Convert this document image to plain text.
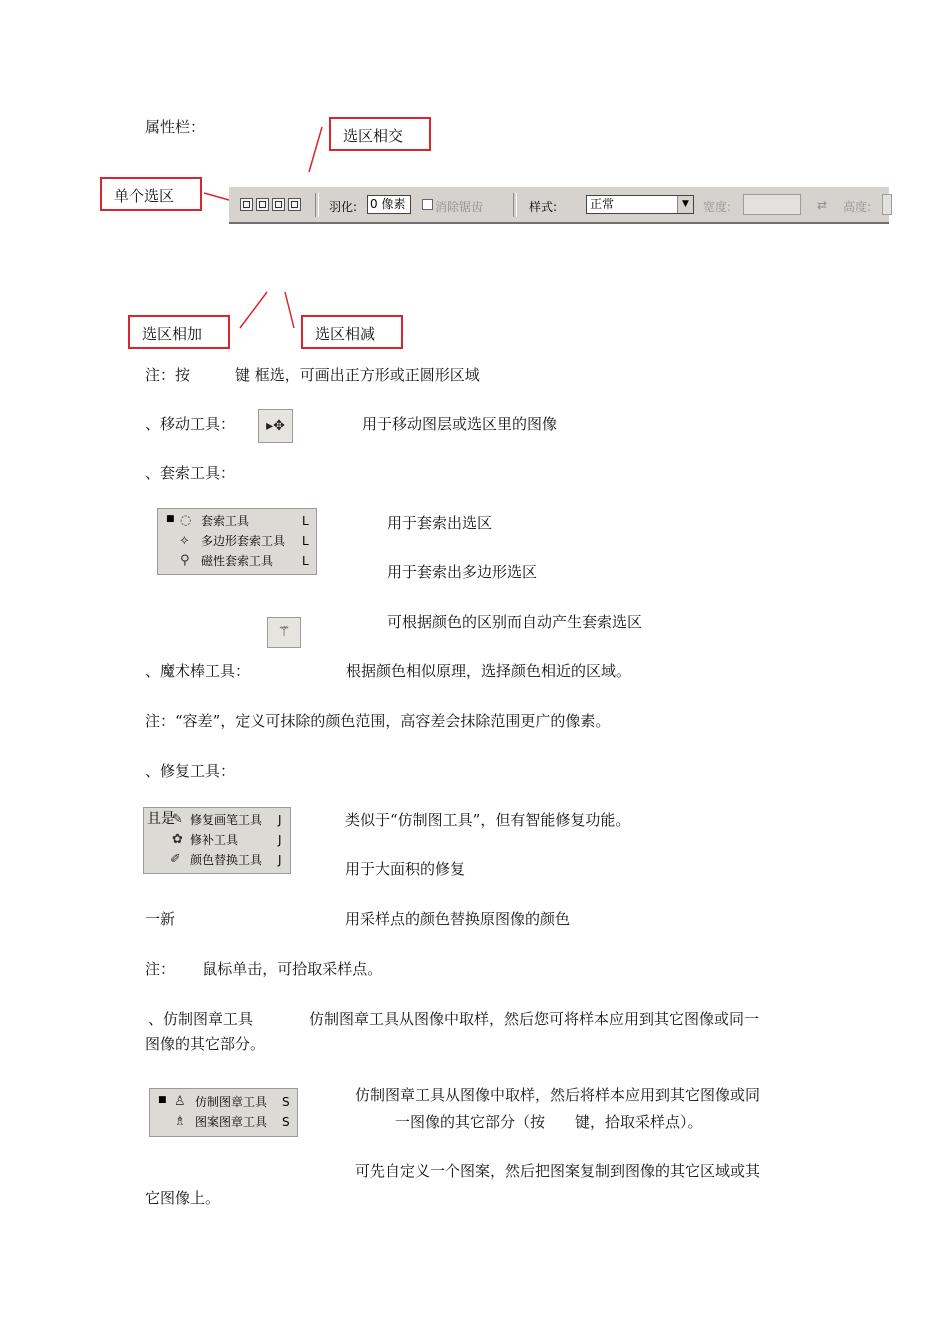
属性栏：	选区相交
单个选区
羽化: 0 像素	消除锯齿	样式:	正常	▼	宽度:	⇄ 高度:
选区相加	选区相减
注：按　　　键 框选，可画出正方形或正圆形区域
、移动工具：	▸✥	用于移动图层或选区里的图像
、套索工具：
■ ◌ 套索工具	L
⟡ 多边形套索工具 L
⚲ 磁性套索工具 L
用于套索出选区
用于套索出多边形选区
⚚
可根据颜色的区别而自动产生套索选区
、魔术棒工具：	根据颜色相似原理，选择颜色相近的区域。
注：“容差”，定义可抹除的颜色范围，高容差会抹除范围更广的像素。
、修复工具：
且是
✎ 修复画笔工具 J
✿ 修补工具	J
✐ 颜色替换工具 J
类似于“仿制图工具”，但有智能修复功能。
用于大面积的修复
一新	用采样点的颜色替换原图像的颜色
注：　　 鼠标单击，可拾取采样点。
、仿制图章工具	仿制图章工具从图像中取样，然后您可将样本应用到其它图像或同一
图像的其它部分。
■ ♙ 仿制图章工具 S
♗ 图案图章工具 S
仿制图章工具从图像中取样，然后将样本应用到其它图像或同
一图像的其它部分（按　　键，拾取采样点）。
可先自定义一个图案，然后把图案复制到图像的其它区域或其
它图像上。
